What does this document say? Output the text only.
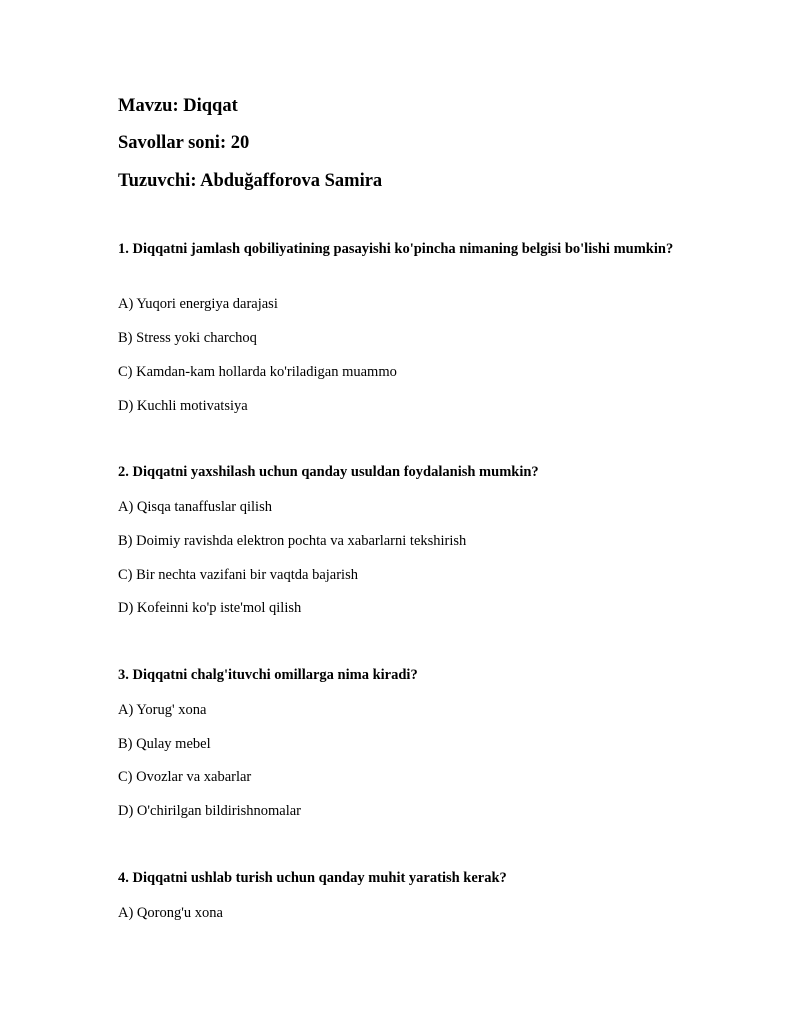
Mavzu: Diqqat
Savollar soni: 20
Tuzuvchi: Abduğafforova Samira
1. Diqqatni jamlash qobiliyatining pasayishi ko'pincha nimaning belgisi bo'lishi mumkin?
A) Yuqori energiya darajasi
B) Stress yoki charchoq
C) Kamdan-kam hollarda ko'riladigan muammo
D) Kuchli motivatsiya
2. Diqqatni yaxshilash uchun qanday usuldan foydalanish mumkin?
A) Qisqa tanaffuslar qilish
B) Doimiy ravishda elektron pochta va xabarlarni tekshirish
C) Bir nechta vazifani bir vaqtda bajarish
D) Kofeinni ko'p iste'mol qilish
3. Diqqatni chalg'ituvchi omillarga nima kiradi?
A) Yorug' xona
B) Qulay mebel
C) Ovozlar va xabarlar
D) O'chirilgan bildirishnomalar
4. Diqqatni ushlab turish uchun qanday muhit yaratish kerak?
A) Qorong'u xona
